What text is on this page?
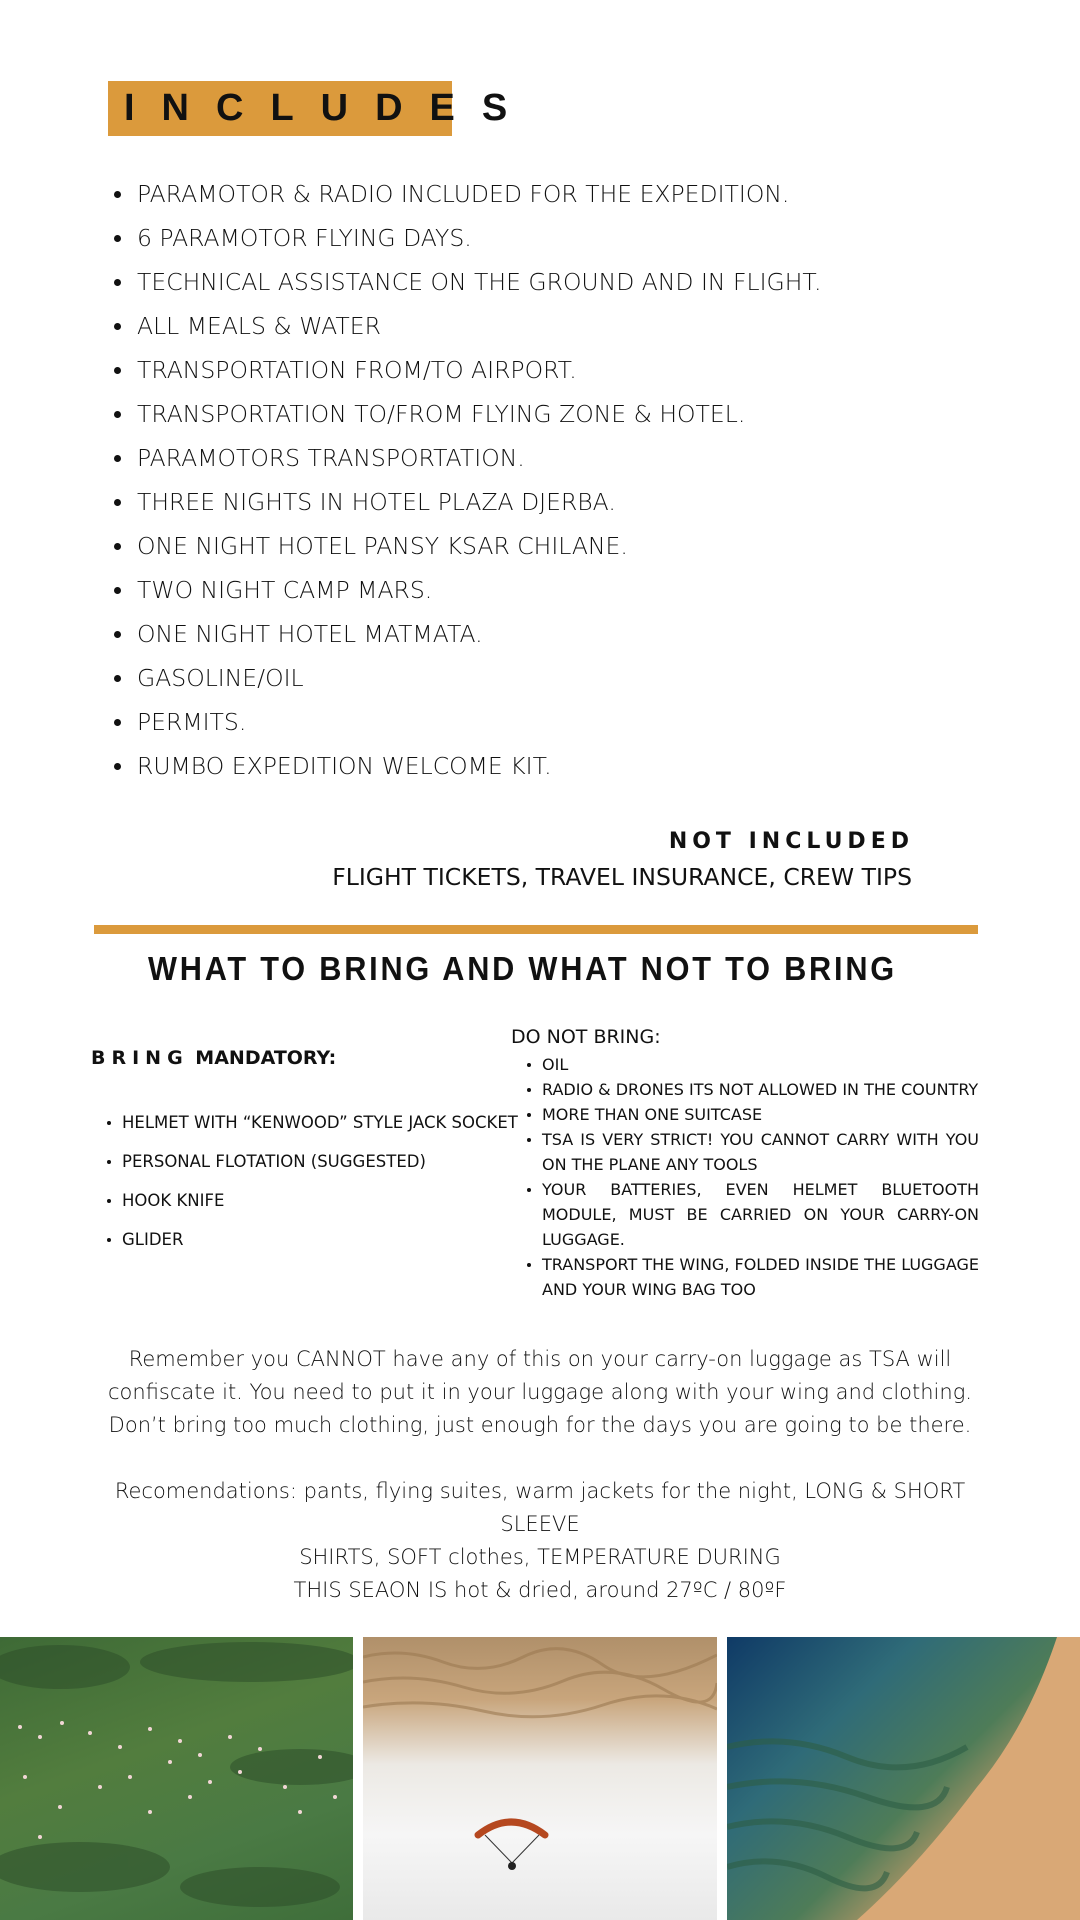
INCLUDES
PARAMOTOR & RADIO INCLUDED FOR THE EXPEDITION.
6 PARAMOTOR FLYING DAYS.
TECHNICAL ASSISTANCE ON THE GROUND AND IN FLIGHT.
ALL MEALS & WATER
TRANSPORTATION FROM/TO AIRPORT.
TRANSPORTATION TO/FROM FLYING ZONE & HOTEL.
PARAMOTORS TRANSPORTATION.
THREE NIGHTS IN HOTEL PLAZA DJERBA.
ONE NIGHT HOTEL PANSY KSAR CHILANE.
TWO NIGHT CAMP MARS.
ONE NIGHT HOTEL MATMATA.
GASOLINE/OIL
PERMITS.
RUMBO EXPEDITION WELCOME KIT.
NOT INCLUDED
FLIGHT TICKETS, TRAVEL INSURANCE, CREW TIPS
WHAT TO BRING AND WHAT NOT TO BRING
BRING MANDATORY:
HELMET WITH “KENWOOD” STYLE JACK SOCKET
PERSONAL FLOTATION (SUGGESTED)
HOOK KNIFE
GLIDER
DO NOT BRING:
OIL
RADIO & DRONES ITS NOT ALLOWED IN THE COUNTRY
MORE THAN ONE SUITCASE
TSA IS VERY STRICT! YOU CANNOT CARRY WITH YOU ON THE PLANE ANY TOOLS
YOUR BATTERIES, EVEN HELMET BLUETOOTH MODULE, MUST BE CARRIED ON YOUR CARRY-ON LUGGAGE.
TRANSPORT THE WING, FOLDED INSIDE THE LUGGAGE AND YOUR WING BAG TOO

Remember you CANNOT have any of this on your carry-on luggage as TSA will confiscate it. You need to put it in your luggage along with your wing and clothing. Don’t bring too much clothing, just enough for the days you are going to be there.

Recomendations: pants, flying suites, warm jackets for the night, LONG & SHORT SLEEVE

SHIRTS, SOFT clothes, TEMPERATURE DURING

THIS SEAON IS hot & dried, around 27ºC / 80ºF
